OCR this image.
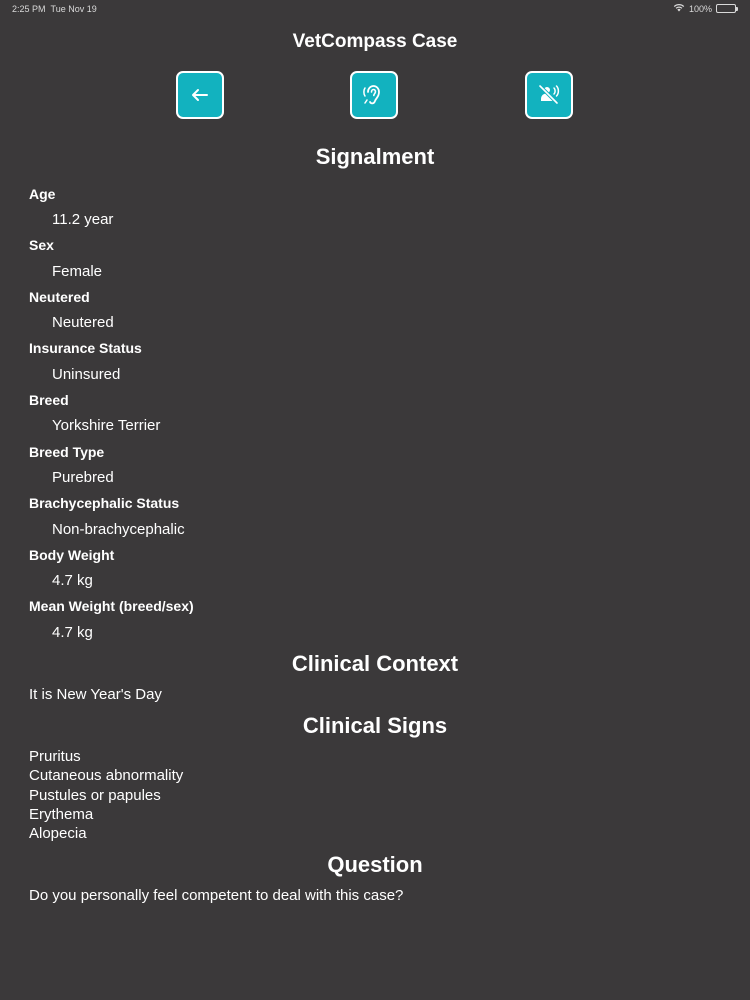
2:25 PM Tue Nov 19	100%
VetCompass Case
Signalment
Age
11.2 year
Sex
Female
Neutered
Neutered
Insurance Status
Uninsured
Breed
Yorkshire Terrier
Breed Type
Purebred
Brachycephalic Status
Non-brachycephalic
Body Weight
4.7 kg
Mean Weight (breed/sex)
4.7 kg
Clinical Context
It is New Year's Day
Clinical Signs
Pruritus
Cutaneous abnormality
Pustules or papules
Erythema
Alopecia
Question
Do you personally feel competent to deal with this case?
